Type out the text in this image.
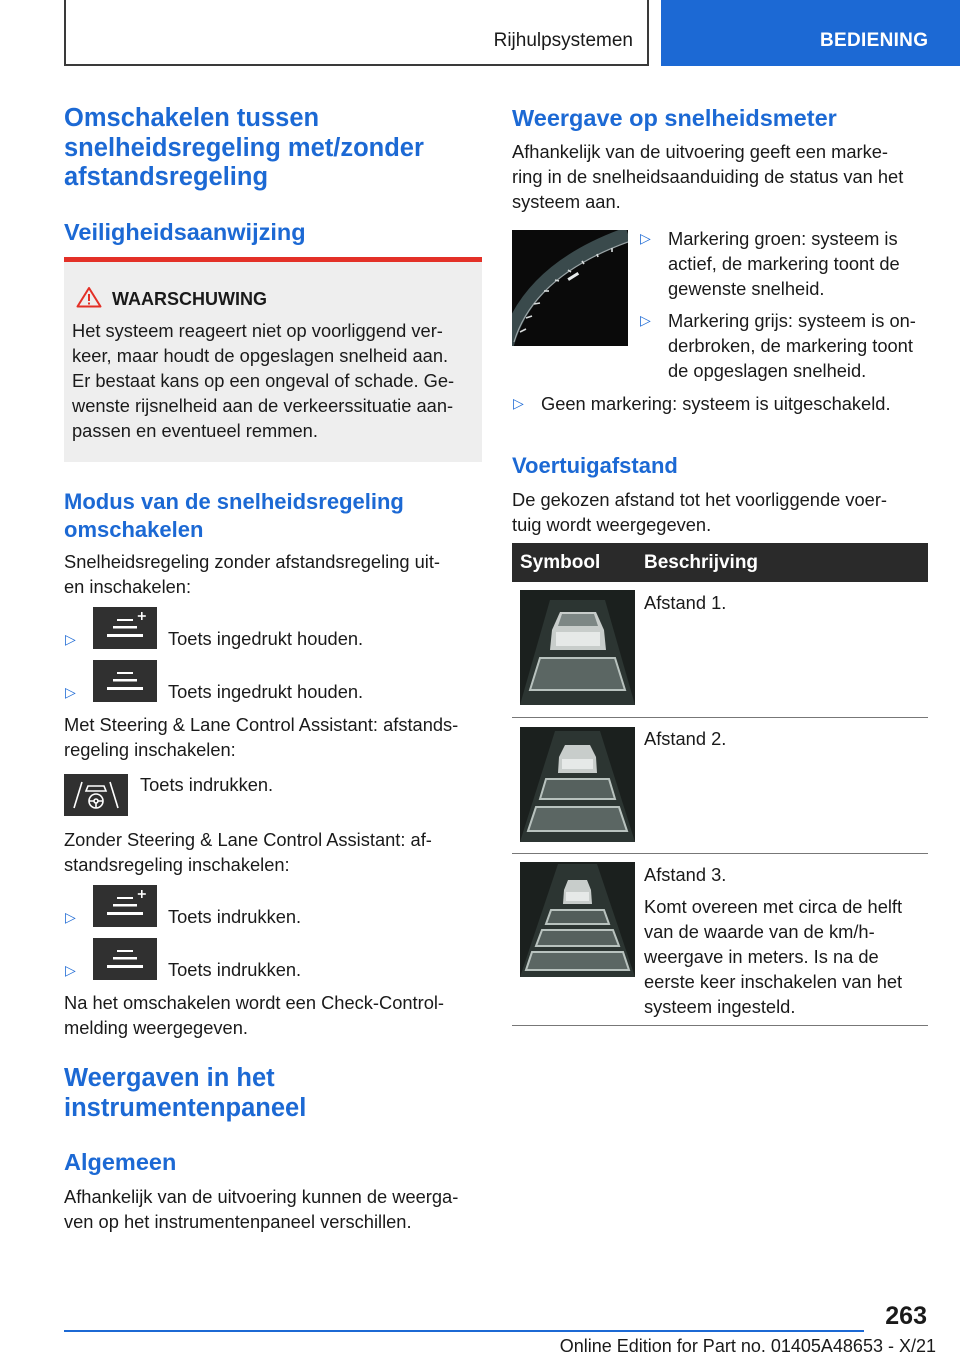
Rijhulpsystemen	BEDIENING
Omschakelen tussen
snelheidsregeling met/zonder
afstandsregeling
Veiligheidsaanwijzing
WAARSCHUWING
Het systeem reageert niet op voorliggend ver-
keer, maar houdt de opgeslagen snelheid aan.
Er bestaat kans op een ongeval of schade. Ge-
wenste rijsnelheid aan de verkeerssituatie aan-
passen en eventueel remmen.
Modus van de snelheidsregeling
omschakelen
Snelheidsregeling zonder afstandsregeling uit-
en inschakelen:
▷	Toets ingedrukt houden.
▷	Toets ingedrukt houden.
Met Steering & Lane Control Assistant: afstands-
regeling inschakelen:
Toets indrukken.
Zonder Steering & Lane Control Assistant: af-
standsregeling inschakelen:
▷	Toets indrukken.
▷	Toets indrukken.
Na het omschakelen wordt een Check-Control-
melding weergegeven.
Weergaven in het
instrumentenpaneel
Algemeen
Afhankelijk van de uitvoering kunnen de weerga-
ven op het instrumentenpaneel verschillen.
Weergave op snelheidsmeter
Afhankelijk van de uitvoering geeft een marke-
ring in de snelheidsaanduiding de status van het
systeem aan.
▷ Markering groen: systeem is
actief, de markering toont de
gewenste snelheid.
▷ Markering grijs: systeem is on-
derbroken, de markering toont
de opgeslagen snelheid.
▷ Geen markering: systeem is uitgeschakeld.
Voertuigafstand
De gekozen afstand tot het voorliggende voer-
tuig wordt weergegeven.
Symbool Beschrijving
Afstand 1.
Afstand 2.
Afstand 3.
Komt overeen met circa de helft
van de waarde van de km/h-
weergave in meters. Is na de
eerste keer inschakelen van het
systeem ingesteld.
263
Online Edition for Part no. 01405A48653 - X/21
